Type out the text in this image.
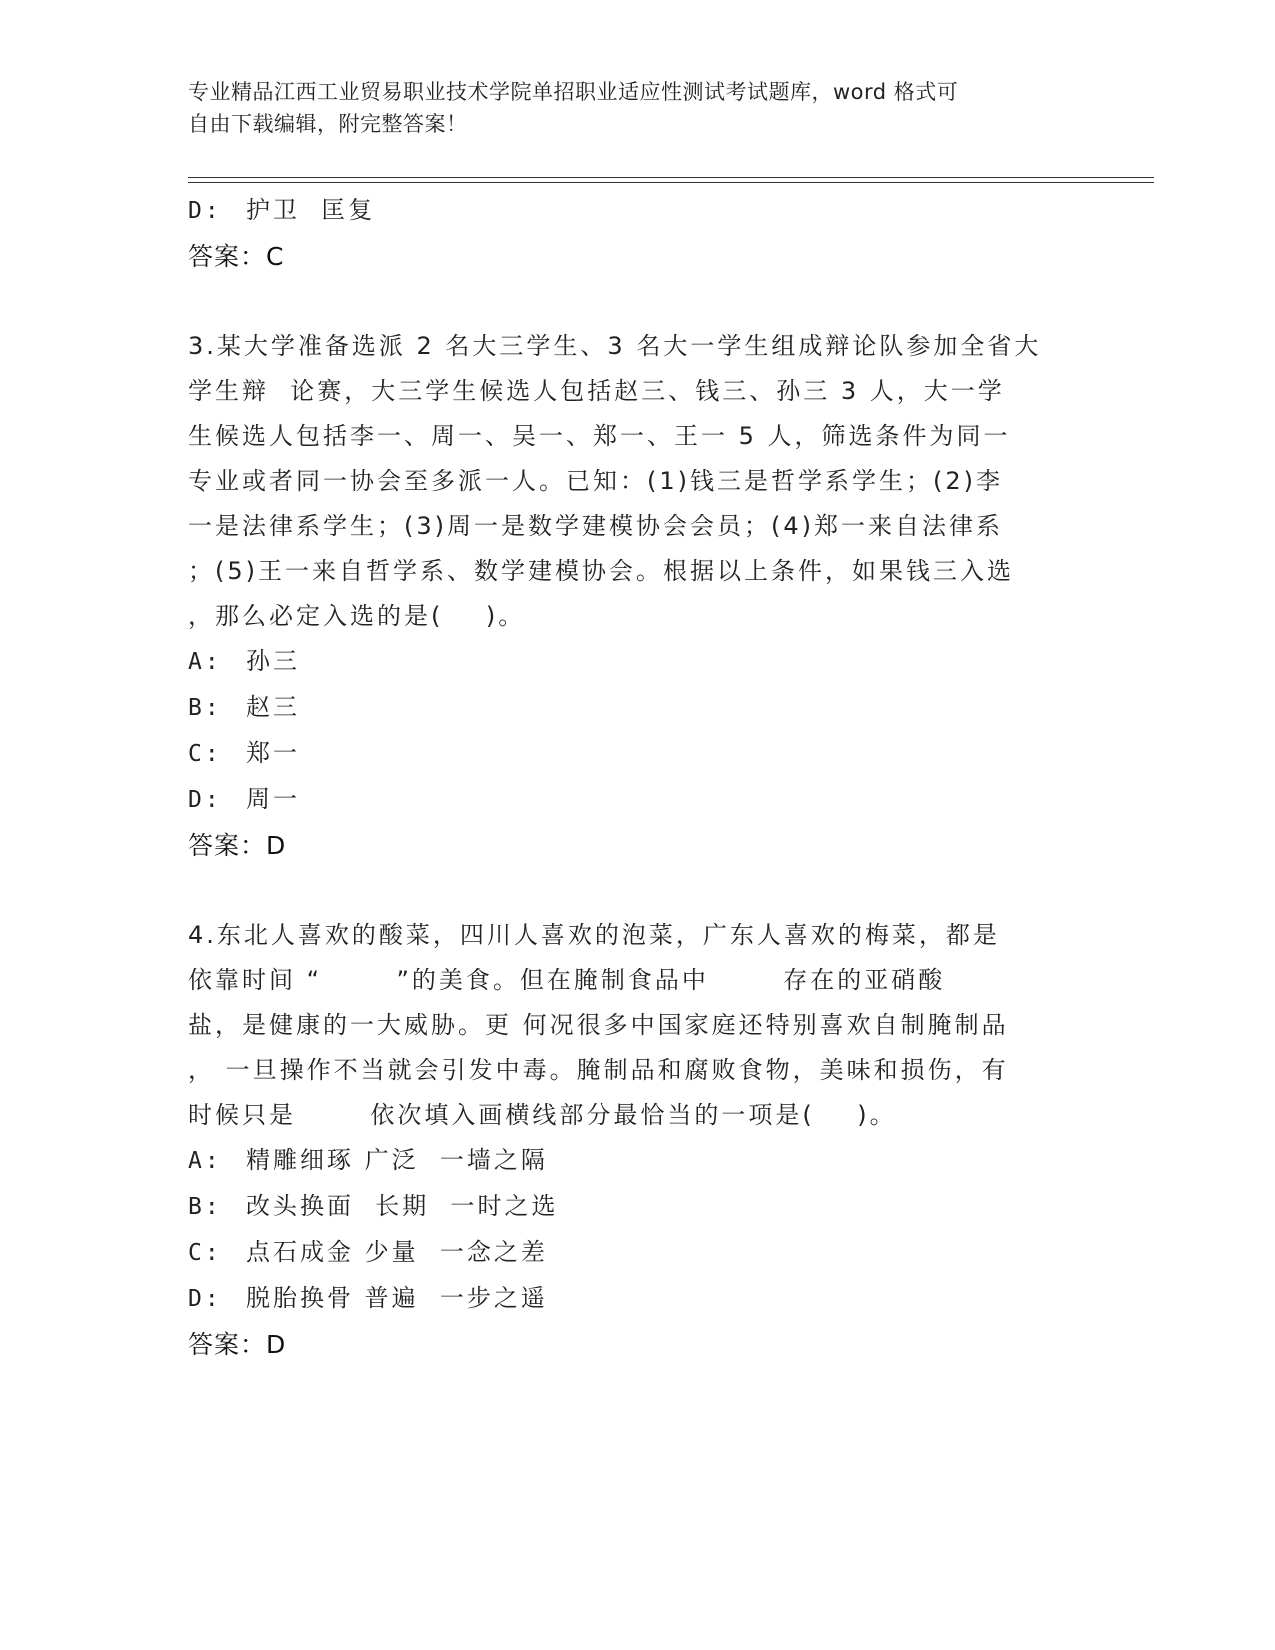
专业精品江西工业贸易职业技术学院单招职业适应性测试考试题库，word 格式可
自由下载编辑，附完整答案！
D: 护卫  匡复
答案：C
3.某大学准备选派 2 名大三学生、3 名大一学生组成辩论队参加全省大
学生辩  论赛，大三学生候选人包括赵三、钱三、孙三 3 人，大一学
生候选人包括李一、周一、吴一、郑一、王一 5 人，筛选条件为同一
专业或者同一协会至多派一人。已知：(1)钱三是哲学系学生；(2)李
一是法律系学生；(3)周一是数学建模协会会员；(4)郑一来自法律系
；(5)王一来自哲学系、数学建模协会。根据以上条件，如果钱三入选
，那么必定入选的是(    )。
A: 孙三
B: 赵三
C: 郑一
D: 周一
答案：D
4.东北人喜欢的酸菜，四川人喜欢的泡菜，广东人喜欢的梅菜，都是
依靠时间 “       ”的美食。但在腌制食品中       存在的亚硝酸
盐，是健康的一大威胁。更 何况很多中国家庭还特别喜欢自制腌制品
， 一旦操作不当就会引发中毒。腌制品和腐败食物，美味和损伤，有
时候只是       依次填入画横线部分最恰当的一项是(    )。
A: 精雕细琢 广泛  一墙之隔
B: 改头换面  长期  一时之选
C: 点石成金 少量  一念之差
D: 脱胎换骨 普遍  一步之遥
答案：D
